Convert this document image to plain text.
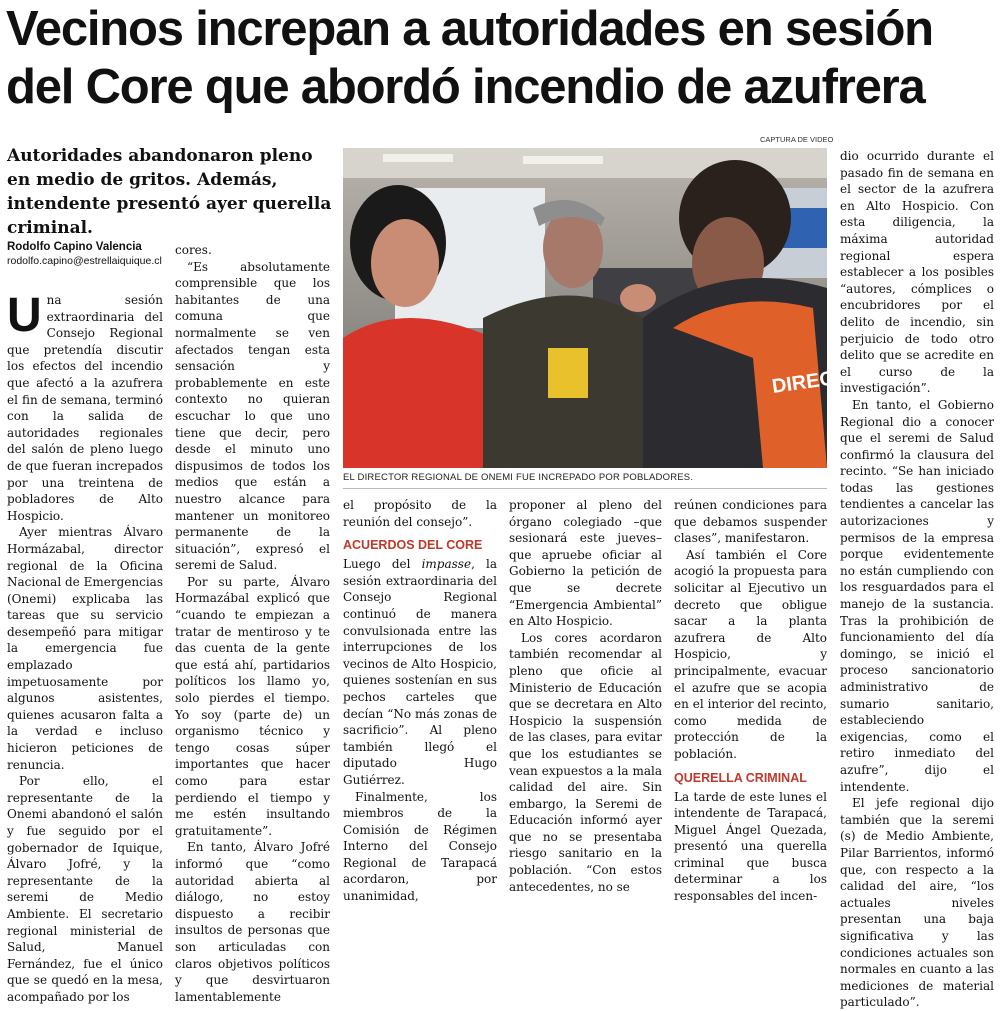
Vecinos increpan a autoridades en sesión del Core que abordó incendio de azufrera

Autoridades abandonaron pleno en medio de gritos. Además, intendente presentó ayer querella criminal.

Rodolfo Capino Valencia
rodolfo.capino@estrellaiquique.cl

Una sesión extraordinaria del Consejo Regional que pretendía discutir los efectos del incendio que afectó a la azufrera el fin de semana, terminó con la salida de autoridades regionales del salón de pleno luego de que fueran increpados por una treintena de pobladores de Alto Hospicio.

Ayer mientras Álvaro Hormázabal, director regional de la Oficina Nacional de Emergencias (Onemi) explicaba las tareas que su servicio desempeñó para mitigar la emergencia fue emplazado impetuosamente por algunos asistentes, quienes acusaron falta a la verdad e incluso hicieron peticiones de renuncia.

Por ello, el representante de la Onemi abandonó el salón y fue seguido por el gobernador de Iquique, Álvaro Jofré, y la representante de la seremi de Medio Ambiente. El secretario regional ministerial de Salud, Manuel Fernández, fue el único que se quedó en la mesa, acompañado por los

cores.

“Es absolutamente comprensible que los habitantes de una comuna que normalmente se ven afectados tengan esta sensación y probablemente en este contexto no quieran escuchar lo que uno tiene que decir, pero desde el minuto uno dispusimos de todos los medios que están a nuestro alcance para mantener un monitoreo permanente de la situación”, expresó el seremi de Salud.

Por su parte, Álvaro Hormazábal explicó que “cuando te empiezan a tratar de mentiroso y te das cuenta de la gente que está ahí, partidarios políticos los llamo yo, solo pierdes el tiempo. Yo soy (parte de) un organismo técnico y tengo cosas súper importantes que hacer como para estar perdiendo el tiempo y me estén insultando gratuitamente”.

En tanto, Álvaro Jofré informó que “como autoridad abierta al diálogo, no estoy dispuesto a recibir insultos de personas que son articuladas con claros objetivos políticos y que desvirtuaron lamentablemente

CAPTURA DE VIDEO
DIREC
EL DIRECTOR REGIONAL DE ONEMI FUE INCREPADO POR POBLADORES.

el propósito de la reunión del consejo”.

ACUERDOS DEL CORE

Luego del impasse, la sesión extraordinaria del Consejo Regional continuó de manera convulsionada entre las interrupciones de los vecinos de Alto Hospicio, quienes sostenían en sus pechos carteles que decían “No más zonas de sacrificio”. Al pleno también llegó el diputado Hugo Gutiérrez.

Finalmente, los miembros de la Comisión de Régimen Interno del Consejo Regional de Tarapacá acordaron, por unanimidad,

proponer al pleno del órgano colegiado –que sesionará este jueves– que apruebe oficiar al Gobierno la petición de que se decrete “Emergencia Ambiental” en Alto Hospicio.

Los cores acordaron también recomendar al pleno que oficie al Ministerio de Educación que se decretara en Alto Hospicio la suspensión de las clases, para evitar que los estudiantes se vean expuestos a la mala calidad del aire. Sin embargo, la Seremi de Educación informó ayer que no se presentaba riesgo sanitario en la población. “Con estos antecedentes, no se

reúnen condiciones para que debamos suspender clases”, manifestaron.

Así también el Core acogió la propuesta para solicitar al Ejecutivo un decreto que obligue sacar a la planta azufrera de Alto Hospicio, y principalmente, evacuar el azufre que se acopia en el interior del recinto, como medida de protección de la población.

QUERELLA CRIMINAL

La tarde de este lunes el intendente de Tarapacá, Miguel Ángel Quezada, presentó una querella criminal que busca determinar a los responsables del incen-

dio ocurrido durante el pasado fin de semana en el sector de la azufrera en Alto Hospicio. Con esta diligencia, la máxima autoridad regional espera establecer a los posibles “autores, cómplices o encubridores por el delito de incendio, sin perjuicio de todo otro delito que se acredite en el curso de la investigación”.

En tanto, el Gobierno Regional dio a conocer que el seremi de Salud confirmó la clausura del recinto. “Se han iniciado todas las gestiones tendientes a cancelar las autorizaciones y permisos de la empresa porque evidentemente no están cumpliendo con los resguardados para el manejo de la sustancia. Tras la prohibición de funcionamiento del día domingo, se inició el proceso sancionatorio administrativo de sumario sanitario, estableciendo exigencias, como el retiro inmediato del azufre”, dijo el intendente.

El jefe regional dijo también que la seremi (s) de Medio Ambiente, Pilar Barrientos, informó que, con respecto a la calidad del aire, “los actuales niveles presentan una baja significativa y las condiciones actuales son normales en cuanto a las mediciones de material particulado”.
